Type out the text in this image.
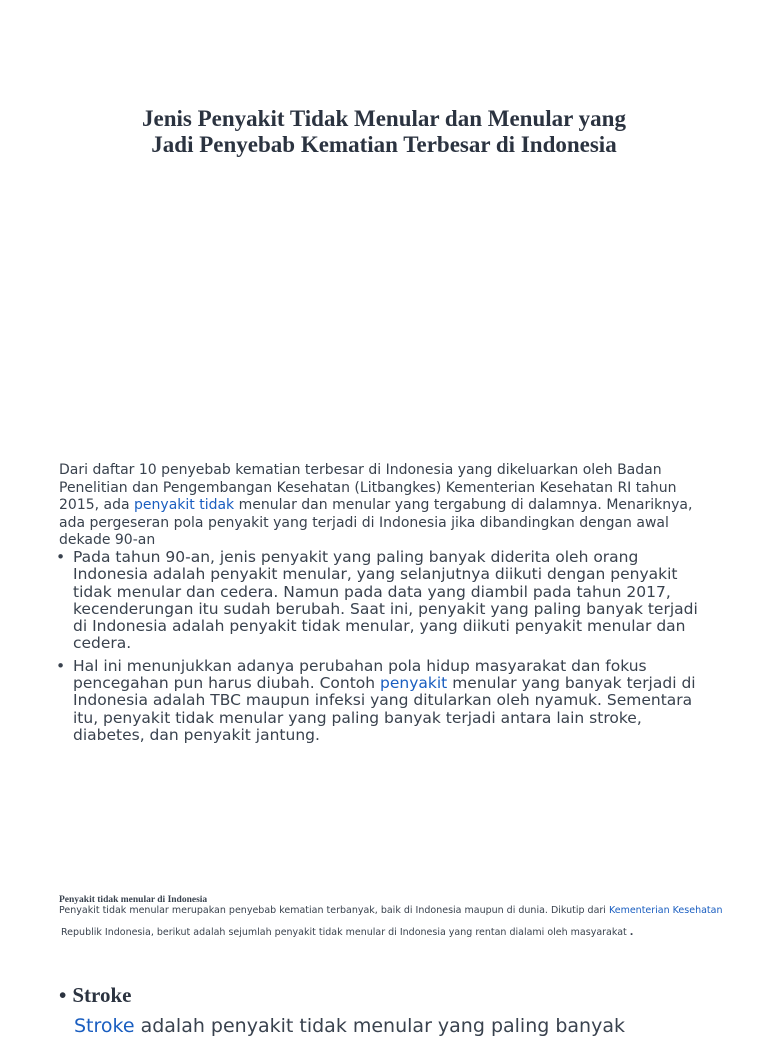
Jenis Penyakit Tidak Menular dan Menular yang
Jadi Penyebab Kematian Terbesar di Indonesia

Dari daftar 10 penyebab kematian terbesar di Indonesia yang dikeluarkan oleh Badan Penelitian dan Pengembangan Kesehatan (Litbangkes) Kementerian Kesehatan RI tahun 2015, ada penyakit tidak menular dan menular yang tergabung di dalamnya. Menariknya, ada pergeseran pola penyakit yang terjadi di Indonesia jika dibandingkan dengan awal dekade 90-an

• Pada tahun 90-an, jenis penyakit yang paling banyak diderita oleh orang Indonesia adalah penyakit menular, yang selanjutnya diikuti dengan penyakit tidak menular dan cedera. Namun pada data yang diambil pada tahun 2017, kecenderungan itu sudah berubah. Saat ini, penyakit yang paling banyak terjadi di Indonesia adalah penyakit tidak menular, yang diikuti penyakit menular dan cedera.
• Hal ini menunjukkan adanya perubahan pola hidup masyarakat dan fokus pencegahan pun harus diubah. Contoh penyakit menular yang banyak terjadi di Indonesia adalah TBC maupun infeksi yang ditularkan oleh nyamuk. Sementara itu, penyakit tidak menular yang paling banyak terjadi antara lain stroke, diabetes, dan penyakit jantung.

Penyakit tidak menular di Indonesia

Penyakit tidak menular merupakan penyebab kematian terbanyak, baik di Indonesia maupun di dunia. Dikutip dari Kementerian Kesehatan

Republik Indonesia, berikut adalah sejumlah penyakit tidak menular di Indonesia yang rentan dialami oleh masyarakat .

• Stroke

Stroke adalah penyakit tidak menular yang paling banyak
